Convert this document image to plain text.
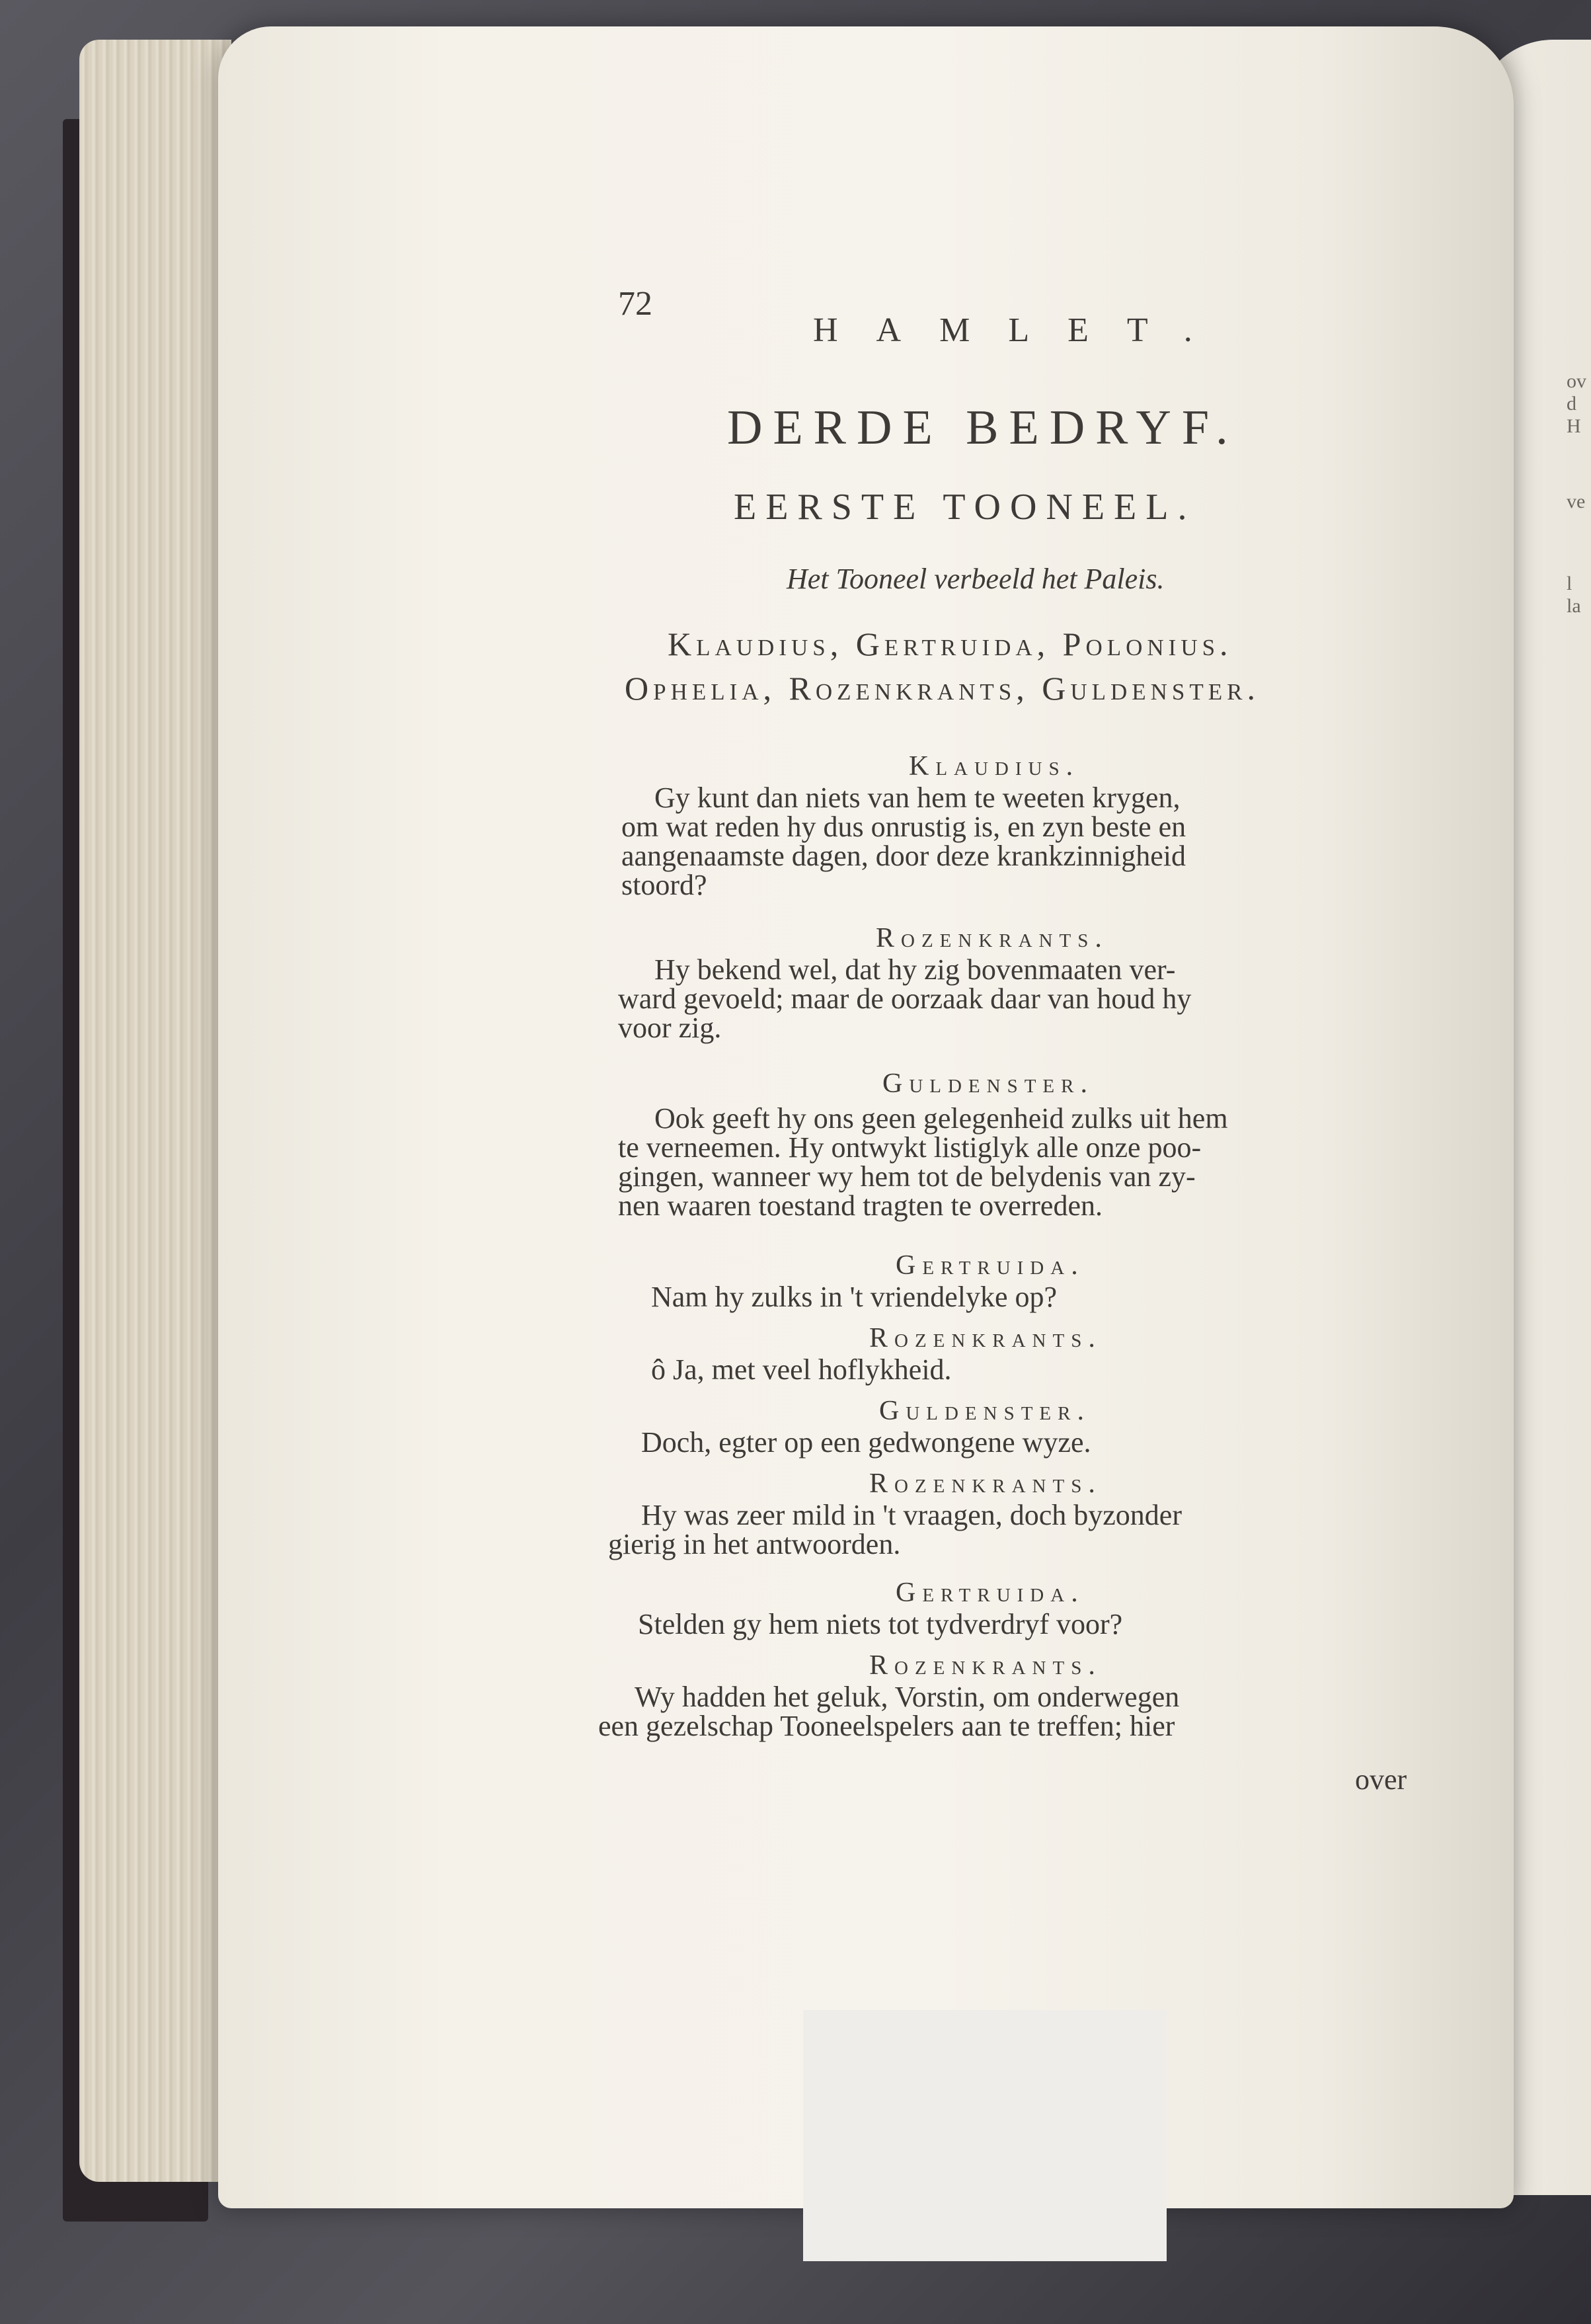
ov
d
H
ve
l
la
72
HAMLET.
DERDE BEDRYF.
EERSTE TOONEEL.
Het Tooneel verbeeld het Paleis.
Klaudius, Gertruida, Polonius.
Ophelia, Rozenkrants, Guldenster.
Klaudius.
Gy kunt dan niets van hem te weeten krygen,
om wat reden hy dus onrustig is, en zyn beste en
aangenaamste dagen, door deze krankzinnigheid
stoord?
Rozenkrants.
Hy bekend wel, dat hy zig bovenmaaten ver-
ward gevoeld; maar de oorzaak daar van houd hy
voor zig.
Guldenster.
Ook geeft hy ons geen gelegenheid zulks uit hem
te verneemen. Hy ontwykt listiglyk alle onze poo-
gingen, wanneer wy hem tot de belydenis van zy-
nen waaren toestand tragten te overreden.
Gertruida.
Nam hy zulks in 't vriendelyke op?
Rozenkrants.
ô Ja, met veel hoflykheid.
Guldenster.
Doch, egter op een gedwongene wyze.
Rozenkrants.
Hy was zeer mild in 't vraagen, doch byzonder
gierig in het antwoorden.
Gertruida.
Stelden gy hem niets tot tydverdryf voor?
Rozenkrants.
Wy hadden het geluk, Vorstin, om onderwegen
een gezelschap Tooneelspelers aan te treffen; hier
over
